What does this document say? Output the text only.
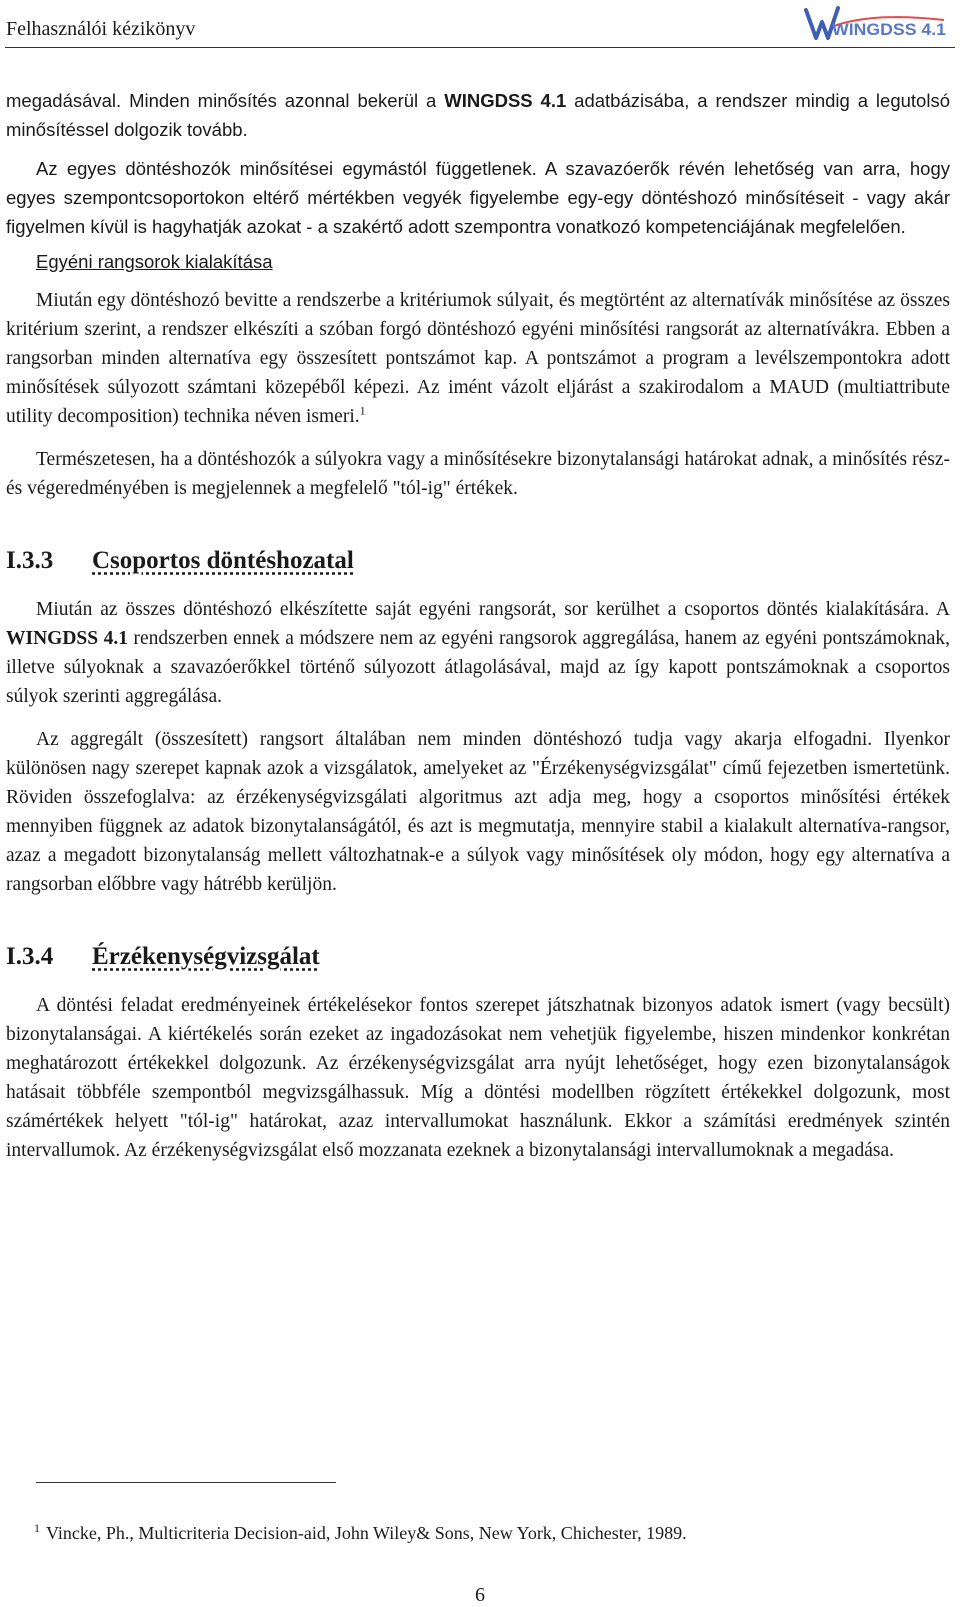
Felhasználói kézikönyv	WINGDSS 4.1

megadásával. Minden minősítés azonnal bekerül a WINGDSS 4.1 adatbázisába, a rendszer mindig a legutolsó minősítéssel dolgozik tovább.

Az egyes döntéshozók minősítései egymástól függetlenek. A szavazóerők révén lehetőség van arra, hogy egyes szempontcsoportokon eltérő mértékben vegyék figyelembe egy-egy döntéshozó minősítéseit - vagy akár figyelmen kívül is hagyhatják azokat - a szakértő adott szempontra vonatkozó kompetenciájának megfelelően.

Egyéni rangsorok kialakítása

Miután egy döntéshozó bevitte a rendszerbe a kritériumok súlyait, és megtörtént az alternatívák minősítése az összes kritérium szerint, a rendszer elkészíti a szóban forgó döntéshozó egyéni minősítési rangsorát az alternatívákra. Ebben a rangsorban minden alternatíva egy összesített pontszámot kap. A pontszámot a program a levélszempontokra adott minősítések súlyozott számtani közepéből képezi. Az imént vázolt eljárást a szakirodalom a MAUD (multiattribute utility decomposition) technika néven ismeri.$^1$

Természetesen, ha a döntéshozók a súlyokra vagy a minősítésekre bizonytalansági határokat adnak, a minősítés rész- és végeredményében is megjelennek a megfelelő "tól-ig" értékek.

I.3.3 Csoportos döntéshozatal

Miután az összes döntéshozó elkészítette saját egyéni rangsorát, sor kerülhet a csoportos döntés kialakítására. A WINGDSS 4.1 rendszerben ennek a módszere nem az egyéni rangsorok aggregálása, hanem az egyéni pontszámoknak, illetve súlyoknak a szavazóerőkkel történő súlyozott átlagolásával, majd az így kapott pontszámoknak a csoportos súlyok szerinti aggregálása.

Az aggregált (összesített) rangsort általában nem minden döntéshozó tudja vagy akarja elfogadni. Ilyenkor különösen nagy szerepet kapnak azok a vizsgálatok, amelyeket az "Érzékenységvizsgálat" című fejezetben ismertetünk. Röviden összefoglalva: az érzékenységvizsgálati algoritmus azt adja meg, hogy a csoportos minősítési értékek mennyiben függnek az adatok bizonytalanságától, és azt is megmutatja, mennyire stabil a kialakult alternatíva-rangsor, azaz a megadott bizonytalanság mellett változhatnak-e a súlyok vagy minősítések oly módon, hogy egy alternatíva a rangsorban előbbre vagy hátrébb kerüljön.

I.3.4 Érzékenységvizsgálat

A döntési feladat eredményeinek értékelésekor fontos szerepet játszhatnak bizonyos adatok ismert (vagy becsült) bizonytalanságai. A kiértékelés során ezeket az ingadozásokat nem vehetjük figyelembe, hiszen mindenkor konkrétan meghatározott értékekkel dolgozunk. Az érzékenységvizsgálat arra nyújt lehetőséget, hogy ezen bizonytalanságok hatásait többféle szempontból megvizsgálhassuk. Míg a döntési modellben rögzített értékekkel dolgozunk, most számértékek helyett "tól-ig" határokat, azaz intervallumokat használunk. Ekkor a számítási eredmények szintén intervallumok. Az érzékenységvizsgálat első mozzanata ezeknek a bizonytalansági intervallumoknak a megadása.

$^1$ Vincke, Ph., Multicriteria Decision-aid, John Wiley& Sons, New York, Chichester, 1989.
6
